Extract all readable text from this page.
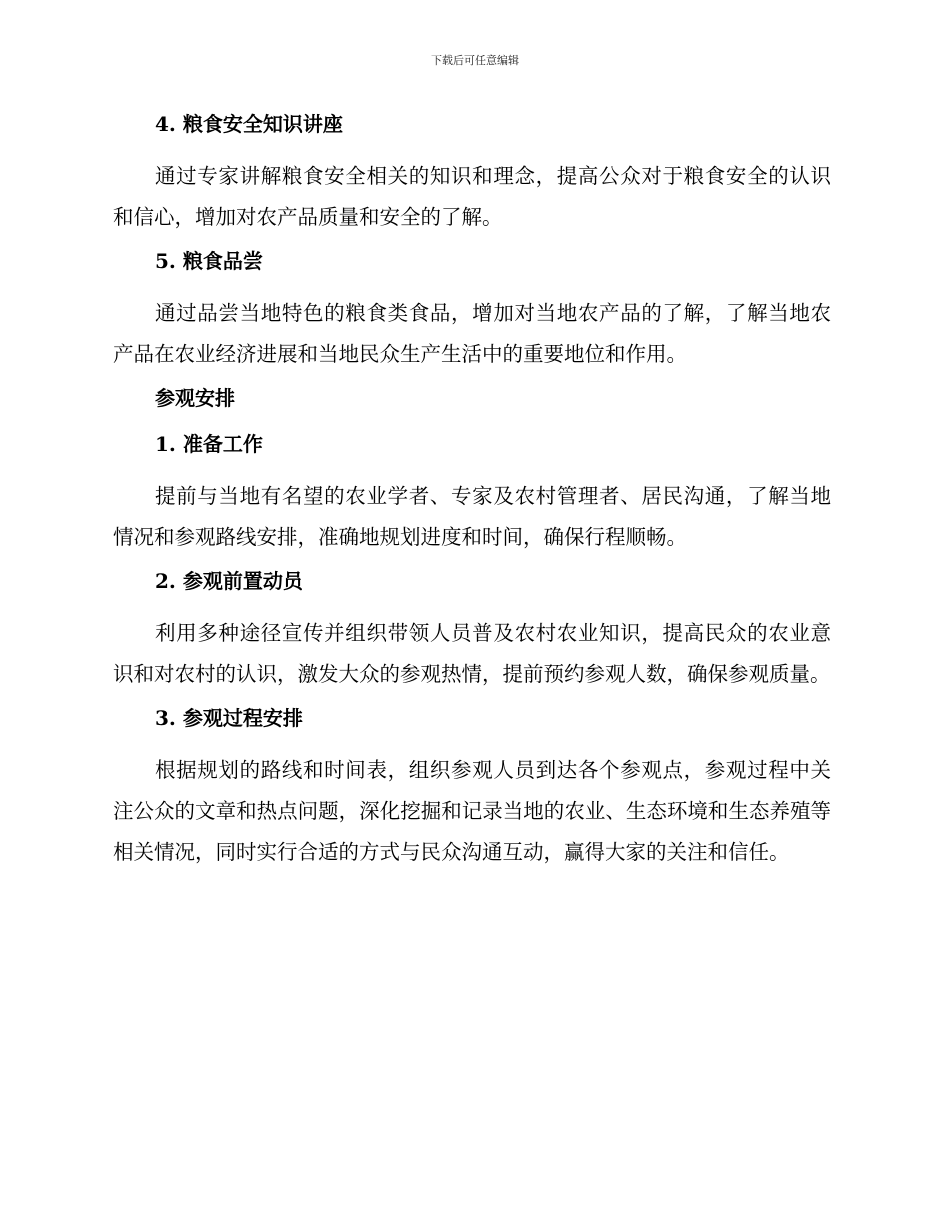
下载后可任意编辑
4. 粮食安全知识讲座

通过专家讲解粮食安全相关的知识和理念，提高公众对于粮食安全的认识和信心，增加对农产品质量和安全的了解。

5. 粮食品尝

通过品尝当地特色的粮食类食品，增加对当地农产品的了解，了解当地农产品在农业经济进展和当地民众生产生活中的重要地位和作用。

参观安排
1. 准备工作

提前与当地有名望的农业学者、专家及农村管理者、居民沟通，了解当地情况和参观路线安排，准确地规划进度和时间，确保行程顺畅。

2. 参观前置动员

利用多种途径宣传并组织带领人员普及农村农业知识，提高民众的农业意识和对农村的认识，激发大众的参观热情，提前预约参观人数，确保参观质量。

3. 参观过程安排

根据规划的路线和时间表，组织参观人员到达各个参观点，参观过程中关注公众的文章和热点问题，深化挖掘和记录当地的农业、生态环境和生态养殖等相关情况，同时实行合适的方式与民众沟通互动，赢得大家的关注和信任。
